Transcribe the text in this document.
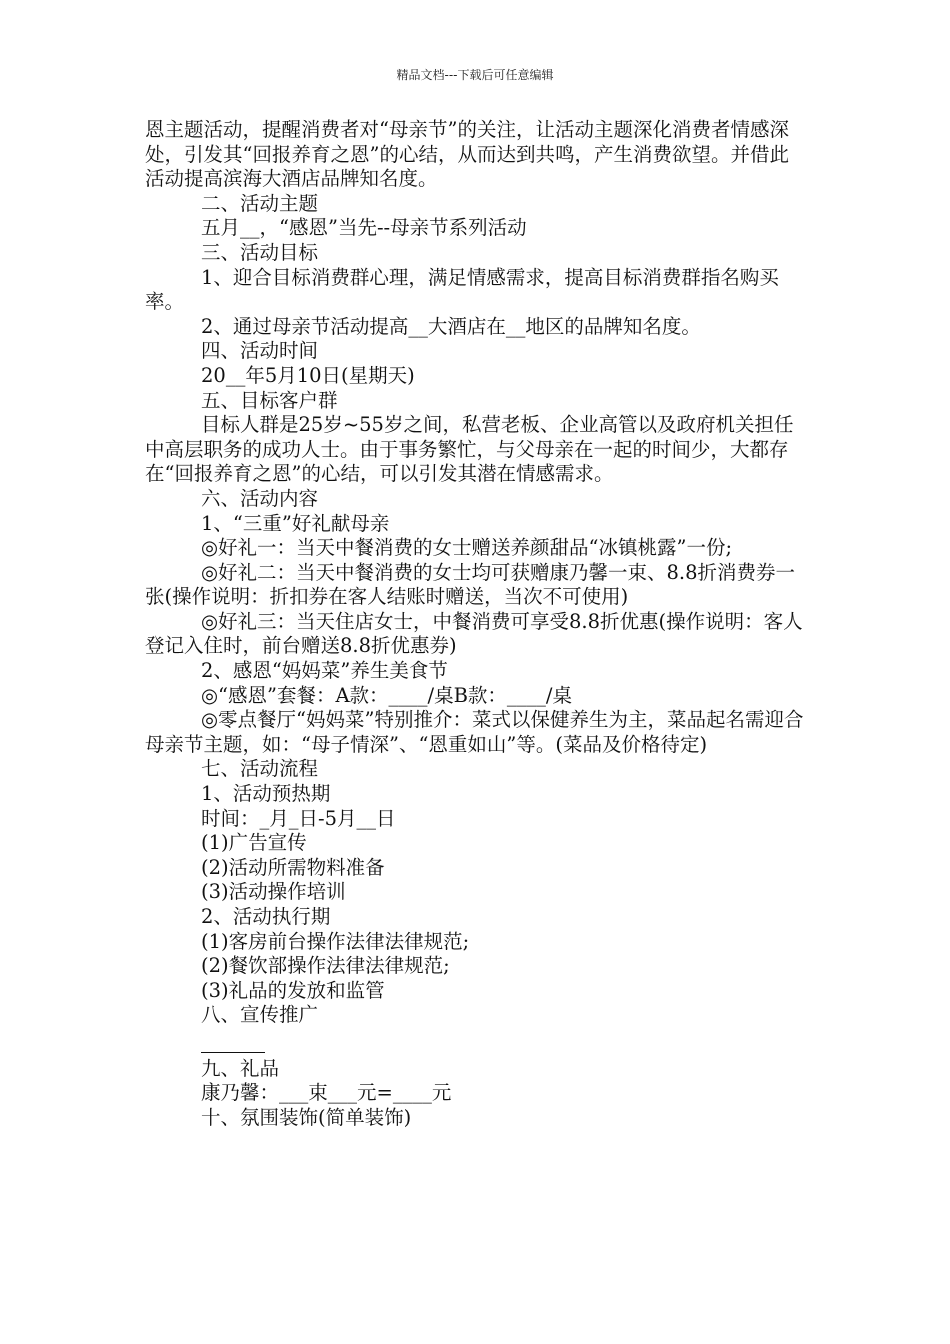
精品文档---下载后可任意编辑

恩主题活动，提醒消费者对“母亲节”的关注，让活动主题深化消费者情感深处，引发其“回报养育之恩”的心结，从而达到共鸣，产生消费欲望。并借此活动提高滨海大酒店品牌知名度。

二、活动主题

五月__，“感恩”当先--母亲节系列活动

三、活动目标

1、迎合目标消费群心理，满足情感需求，提高目标消费群指名购买率。

2、通过母亲节活动提高__大酒店在__地区的品牌知名度。

四、活动时间

20__年5月10日(星期天)

五、目标客户群

目标人群是25岁~55岁之间，私营老板、企业高管以及政府机关担任中高层职务的成功人士。由于事务繁忙，与父母亲在一起的时间少，大都存在“回报养育之恩”的心结，可以引发其潜在情感需求。

六、活动内容

1、“三重”好礼献母亲

◎好礼一：当天中餐消费的女士赠送养颜甜品“冰镇桃露”一份;

◎好礼二：当天中餐消费的女士均可获赠康乃馨一束、8.8折消费券一张(操作说明：折扣券在客人结账时赠送，当次不可使用)

◎好礼三：当天住店女士，中餐消费可享受8.8折优惠(操作说明：客人登记入住时，前台赠送8.8折优惠券)

2、感恩“妈妈菜”养生美食节

◎“感恩”套餐：A款：____/桌B款：____/桌

◎零点餐厅“妈妈菜”特别推介：菜式以保健养生为主，菜品起名需迎合母亲节主题，如：“母子情深”、“恩重如山”等。(菜品及价格待定)

七、活动流程

1、活动预热期

时间：_月_日-5月__日

(1)广告宣传

(2)活动所需物料准备

(3)活动操作培训

2、活动执行期

(1)客房前台操作法律法律规范;

(2)餐饮部操作法律法律规范;

(3)礼品的发放和监管

八、宣传推广

九、礼品

康乃馨：___束___元=____元

十、氛围装饰(简单装饰)
